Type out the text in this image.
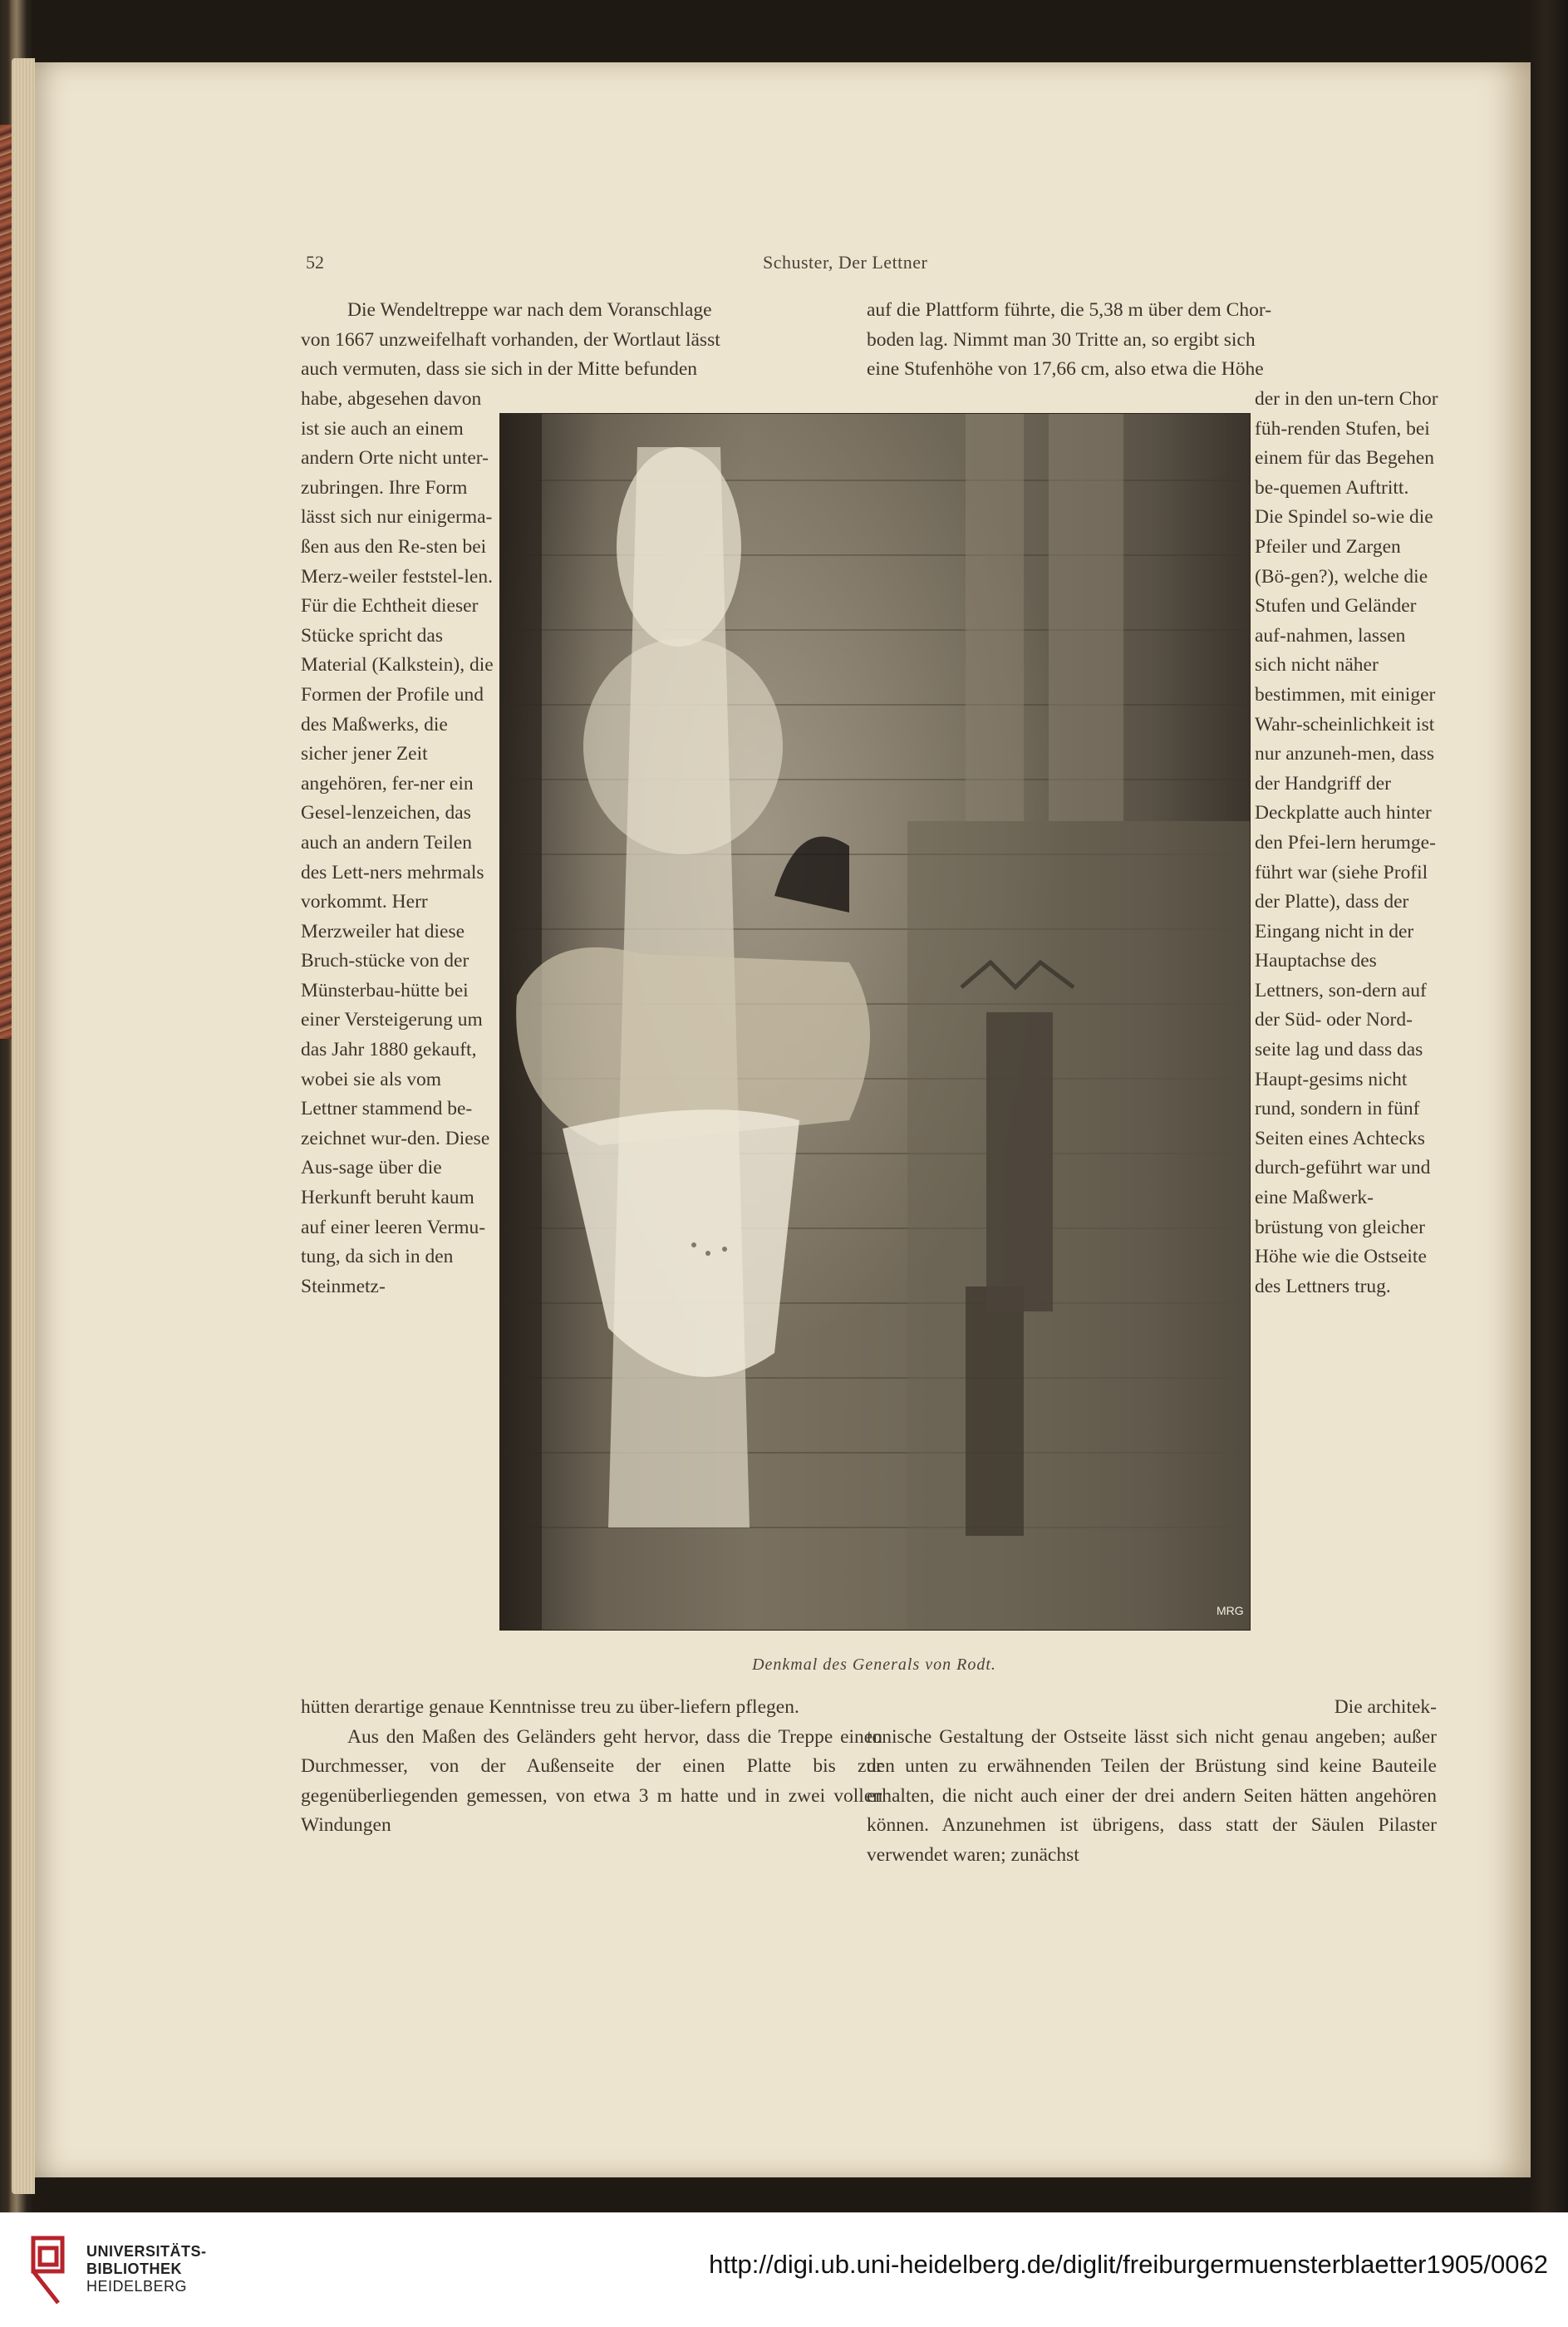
52	Schuster, Der Lettner
Die Wendeltreppe war nach dem Voranschlage
von 1667 unzweifelhaft vorhanden, der Wortlaut lässt
auch vermuten, dass sie sich in der Mitte befunden
auf die Plattform führte, die 5,38 m über dem Chor-
boden lag. Nimmt man 30 Tritte an, so ergibt sich
eine Stufenhöhe von 17,66 cm, also etwa die Höhe

habe, abgesehen davon ist sie auch an einem andern Orte nicht unter-zubringen. Ihre Form lässt sich nur einigerma-ßen aus den Re-sten bei Merz-weiler feststel-len. Für die Echtheit dieser Stücke spricht das Material (Kalkstein), die Formen der Profile und des Maßwerks, die sicher jener Zeit angehören, fer-ner ein Gesel-lenzeichen, das auch an andern Teilen des Lett-ners mehrmals vorkommt. Herr Merzweiler hat diese Bruch-stücke von der Münsterbau-hütte bei einer Versteigerung um das Jahr 1880 gekauft, wobei sie als vom Lettner stammend be-zeichnet wur-den. Diese Aus-sage über die Herkunft beruht kaum auf einer leeren Vermu-tung, da sich in den Steinmetz-

MRG

der in den un-tern Chor füh-renden Stufen, bei einem für das Begehen be-quemen Auftritt. Die Spindel so-wie die Pfeiler und Zargen (Bö-gen?), welche die Stufen und Geländer auf-nahmen, lassen sich nicht näher bestimmen, mit einiger Wahr-scheinlichkeit ist nur anzuneh-men, dass der Handgriff der Deckplatte auch hinter den Pfei-lern herumge-führt war (siehe Profil der Platte), dass der Eingang nicht in der Hauptachse des Lettners, son-dern auf der Süd- oder Nord-seite lag und dass das Haupt-gesims nicht rund, sondern in fünf Seiten eines Achtecks durch-geführt war und eine Maßwerk-brüstung von gleicher Höhe wie die Ostseite des Lettners trug.

Denkmal des Generals von Rodt.

hütten derartige genaue Kenntnisse treu zu über-liefern pflegen.

Aus den Maßen des Geländers geht hervor, dass die Treppe einen Durchmesser, von der Außenseite der einen Platte bis zur gegenüberliegenden gemessen, von etwa 3 m hatte und in zwei vollen Windungen

Die architek-

tonische Gestaltung der Ostseite lässt sich nicht genau angeben; außer den unten zu erwähnenden Teilen der Brüstung sind keine Bauteile erhalten, die nicht auch einer der drei andern Seiten hätten angehören können. Anzunehmen ist übrigens, dass statt der Säulen Pilaster verwendet waren; zunächst

UNIVERSITÄTS-
BIBLIOTHEK
HEIDELBERG
http://digi.ub.uni-heidelberg.de/diglit/freiburgermuensterblaetter1905/0062
